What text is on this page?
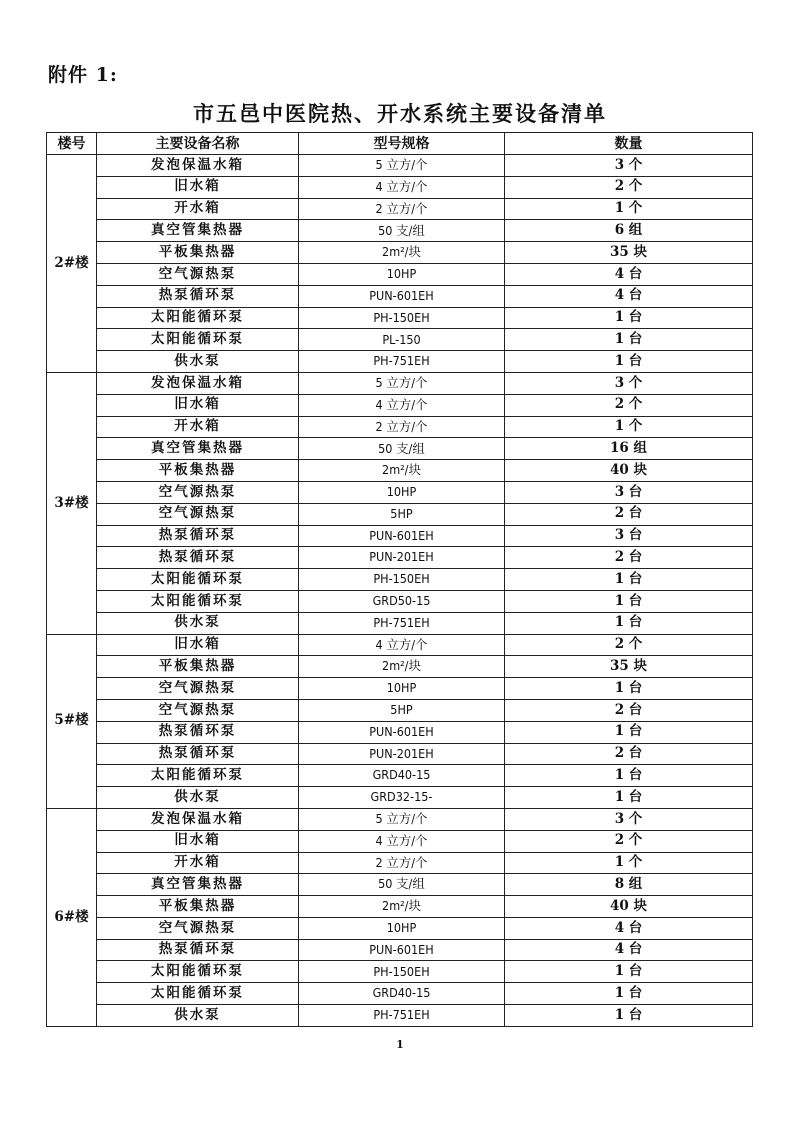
附件 1:
市五邑中医院热、开水系统主要设备清单
楼号	主要设备名称	型号规格	数量
2#楼	发泡保温水箱	5 立方/个	3 个
	旧水箱	4 立方/个	2 个
	开水箱	2 立方/个	1 个
	真空管集热器	50 支/组	6 组
	平板集热器	2m²/块	35 块
	空气源热泵	10HP	4 台
	热泵循环泵	PUN-601EH	4 台
	太阳能循环泵	PH-150EH	1 台
	太阳能循环泵	PL-150	1 台
	供水泵	PH-751EH	1 台
3#楼	发泡保温水箱	5 立方/个	3 个
	旧水箱	4 立方/个	2 个
	开水箱	2 立方/个	1 个
	真空管集热器	50 支/组	16 组
	平板集热器	2m²/块	40 块
	空气源热泵	10HP	3 台
	空气源热泵	5HP	2 台
	热泵循环泵	PUN-601EH	3 台
	热泵循环泵	PUN-201EH	2 台
	太阳能循环泵	PH-150EH	1 台
	太阳能循环泵	GRD50-15	1 台
	供水泵	PH-751EH	1 台
5#楼	旧水箱	4 立方/个	2 个
	平板集热器	2m²/块	35 块
	空气源热泵	10HP	1 台
	空气源热泵	5HP	2 台
	热泵循环泵	PUN-601EH	1 台
	热泵循环泵	PUN-201EH	2 台
	太阳能循环泵	GRD40-15	1 台
	供水泵	GRD32-15-	1 台
6#楼	发泡保温水箱	5 立方/个	3 个
	旧水箱	4 立方/个	2 个
	开水箱	2 立方/个	1 个
	真空管集热器	50 支/组	8 组
	平板集热器	2m²/块	40 块
	空气源热泵	10HP	4 台
	热泵循环泵	PUN-601EH	4 台
	太阳能循环泵	PH-150EH	1 台
	太阳能循环泵	GRD40-15	1 台
	供水泵	PH-751EH	1 台
1
